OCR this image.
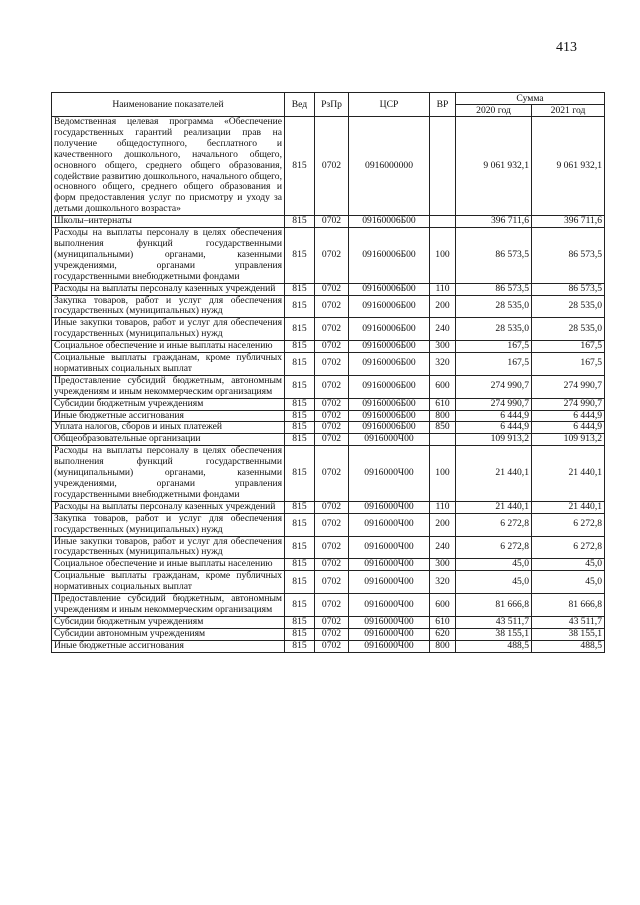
413
Наименование показателей	Вед	РзПр	ЦСР	ВР	Сумма	
					2020 год	2021 год
Ведомственная целевая программа «Обеспечение государственных гарантий реализации прав на получение общедоступного, бесплатного и качественного дошкольного, начального общего, основного общего, среднего общего образования, содействие развитию дошкольного, начального общего, основного общего, среднего общего образования и форм предоставления услуг по присмотру и уходу за детьми дошкольного возраста»	815	0702	0916000000		9 061 932,1	9 061 932,1
Школы–интернаты	815	0702	09160006Б00		396 711,6	396 711,6
Расходы на выплаты персоналу в целях обеспечения выполнения функций государственными (муниципальными) органами, казенными учреждениями, органами управления государственными внебюджетными фондами	815	0702	09160006Б00	100	86 573,5	86 573,5
Расходы на выплаты персоналу казенных учреждений	815	0702	09160006Б00	110	86 573,5	86 573,5
Закупка товаров, работ и услуг для обеспечения государственных (муниципальных) нужд	815	0702	09160006Б00	200	28 535,0	28 535,0
Иные закупки товаров, работ и услуг для обеспечения государственных (муниципальных) нужд	815	0702	09160006Б00	240	28 535,0	28 535,0
Социальное обеспечение и иные выплаты населению	815	0702	09160006Б00	300	167,5	167,5
Социальные выплаты гражданам, кроме публичных нормативных социальных выплат	815	0702	09160006Б00	320	167,5	167,5
Предоставление субсидий бюджетным, автономным учреждениям и иным некоммерческим организациям	815	0702	09160006Б00	600	274 990,7	274 990,7
Субсидии бюджетным учреждениям	815	0702	09160006Б00	610	274 990,7	274 990,7
Иные бюджетные ассигнования	815	0702	09160006Б00	800	6 444,9	6 444,9
Уплата налогов, сборов и иных платежей	815	0702	09160006Б00	850	6 444,9	6 444,9
Общеобразовательные организации	815	0702	0916000Ч00		109 913,2	109 913,2
Расходы на выплаты персоналу в целях обеспечения выполнения функций государственными (муниципальными) органами, казенными учреждениями, органами управления государственными внебюджетными фондами	815	0702	0916000Ч00	100	21 440,1	21 440,1
Расходы на выплаты персоналу казенных учреждений	815	0702	0916000Ч00	110	21 440,1	21 440,1
Закупка товаров, работ и услуг для обеспечения государственных (муниципальных) нужд	815	0702	0916000Ч00	200	6 272,8	6 272,8
Иные закупки товаров, работ и услуг для обеспечения государственных (муниципальных) нужд	815	0702	0916000Ч00	240	6 272,8	6 272,8
Социальное обеспечение и иные выплаты населению	815	0702	0916000Ч00	300	45,0	45,0
Социальные выплаты гражданам, кроме публичных нормативных социальных выплат	815	0702	0916000Ч00	320	45,0	45,0
Предоставление субсидий бюджетным, автономным учреждениям и иным некоммерческим организациям	815	0702	0916000Ч00	600	81 666,8	81 666,8
Субсидии бюджетным учреждениям	815	0702	0916000Ч00	610	43 511,7	43 511,7
Субсидии автономным учреждениям	815	0702	0916000Ч00	620	38 155,1	38 155,1
Иные бюджетные ассигнования	815	0702	0916000Ч00	800	488,5	488,5
